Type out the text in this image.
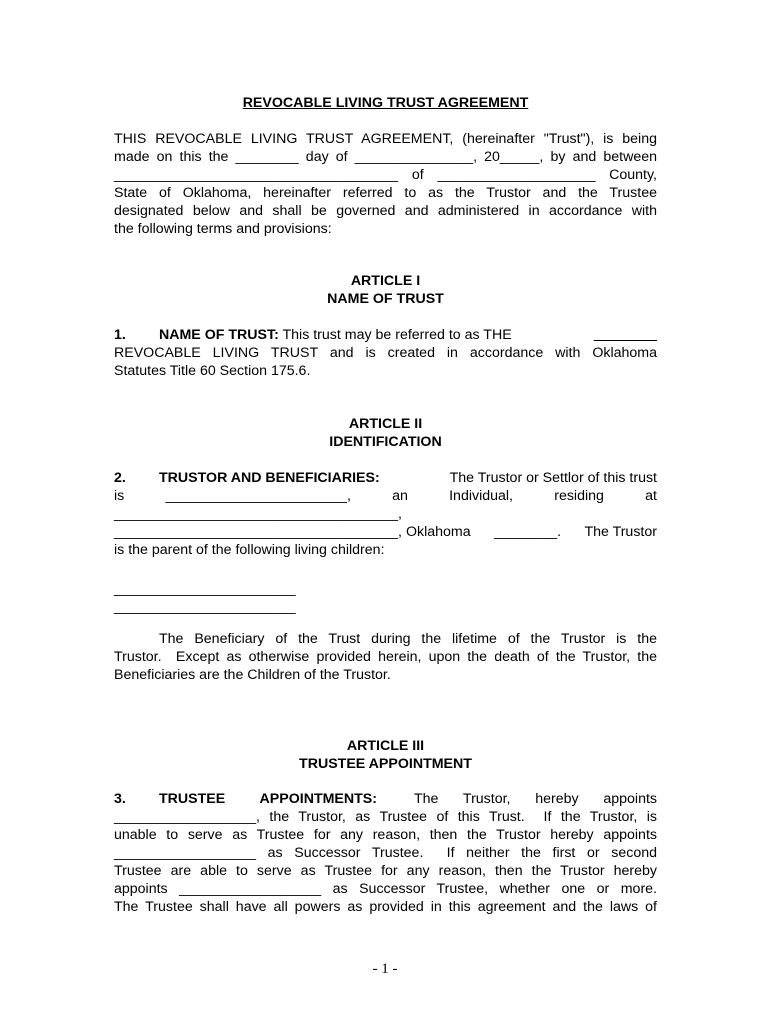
REVOCABLE LIVING TRUST AGREEMENT
THIS REVOCABLE LIVING TRUST AGREEMENT, (hereinafter "Trust"), is being
made on this the ________ day of _______________, 20_____, by and between
____________________________________ of ____________________ County,
State of Oklahoma, hereinafter referred to as the Trustor and the Trustee
designated below and shall be governed and administered in accordance with
the following terms and provisions:
ARTICLE I
NAME OF TRUST
1. NAME OF TRUST: This trust may be referred to as THE	________
REVOCABLE LIVING TRUST and is created in accordance with Oklahoma
Statutes Title 60 Section 175.6.
ARTICLE II
IDENTIFICATION
2. TRUSTOR AND BENEFICIARIES:	The Trustor or Settlor of this trust
is	_______________________,	an	Individual,	residing	at
____________________________________,
____________________________________, Oklahoma ________. The Trustor
is the parent of the following living children:
_______________________
_______________________
The Beneficiary of the Trust during the lifetime of the Trustor is the
Trustor.  Except as otherwise provided herein, upon the death of the Trustor, the
Beneficiaries are the Children of the Trustor.
ARTICLE III
TRUSTEE APPOINTMENT
3. TRUSTEE APPOINTMENTS:	The Trustor, hereby appoints
__________________, the Trustor, as Trustee of this Trust.  If the Trustor, is
unable to serve as Trustee for any reason, then the Trustor hereby appoints
__________________ as Successor Trustee.  If neither the first or second
Trustee are able to serve as Trustee for any reason, then the Trustor hereby
appoints __________________ as Successor Trustee, whether one or more.
The Trustee shall have all powers as provided in this agreement and the laws of
- 1 -
